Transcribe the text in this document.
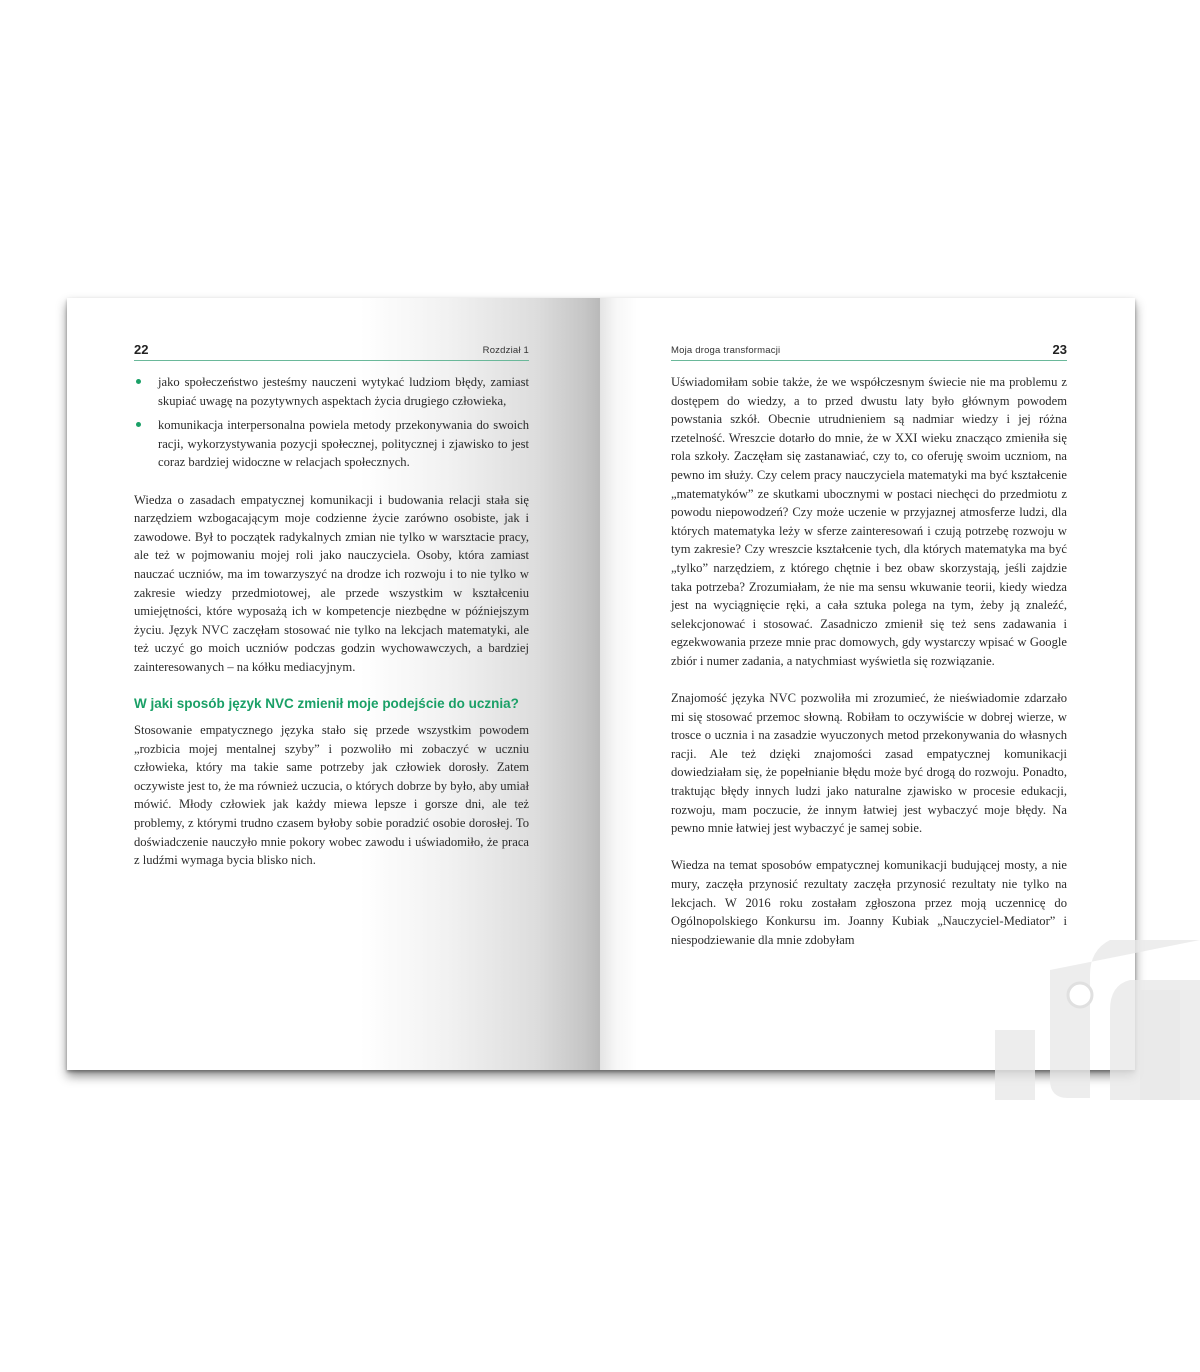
22	Rozdział 1
jako społeczeństwo jesteśmy nauczeni wytykać ludziom błędy, zamiast skupiać uwagę na pozytywnych aspektach życia drugiego człowieka,
komunikacja interpersonalna powiela metody przekonywania do swoich racji, wykorzystywania pozycji społecznej, politycznej i zjawisko to jest coraz bardziej widoczne w relacjach społecznych.

Wiedza o zasadach empatycznej komunikacji i budowania relacji stała się narzędziem wzbogacającym moje codzienne życie zarówno osobiste, jak i zawodowe. Był to początek radykalnych zmian nie tylko w warsztacie pracy, ale też w pojmowaniu mojej roli jako nauczyciela. Osoby, która zamiast nauczać uczniów, ma im towarzyszyć na drodze ich rozwoju i to nie tylko w zakresie wiedzy przedmiotowej, ale przede wszystkim w kształceniu umiejętności, które wyposażą ich w kompetencje niezbędne w późniejszym życiu. Język NVC zaczęłam stosować nie tylko na lekcjach matematyki, ale też uczyć go moich uczniów podczas godzin wychowawczych, a bardziej zainteresowanych – na kółku mediacyjnym.

W jaki sposób język NVC zmienił moje podejście do ucznia?

Stosowanie empatycznego języka stało się przede wszystkim powodem „rozbicia mojej mentalnej szyby” i pozwoliło mi zobaczyć w uczniu człowieka, który ma takie same potrzeby jak człowiek dorosły. Zatem oczywiste jest to, że ma również uczucia, o których dobrze by było, aby umiał mówić. Młody człowiek jak każdy miewa lepsze i gorsze dni, ale też problemy, z którymi trudno czasem byłoby sobie poradzić osobie dorosłej. To doświadczenie nauczyło mnie pokory wobec zawodu i uświadomiło, że praca z ludźmi wymaga bycia blisko nich.

Moja droga transformacji	23

Uświadomiłam sobie także, że we współczesnym świecie nie ma problemu z dostępem do wiedzy, a to przed dwustu laty było głównym powodem powstania szkół. Obecnie utrudnieniem są nadmiar wiedzy i jej różna rzetelność. Wreszcie dotarło do mnie, że w XXI wieku znacząco zmieniła się rola szkoły. Zaczęłam się zastanawiać, czy to, co oferuję swoim uczniom, na pewno im służy. Czy celem pracy nauczyciela matematyki ma być kształcenie „matematyków” ze skutkami ubocznymi w postaci niechęci do przedmiotu z powodu niepowodzeń? Czy może uczenie w przyjaznej atmosferze ludzi, dla których matematyka leży w sferze zainteresowań i czują potrzebę rozwoju w tym zakresie? Czy wreszcie kształcenie tych, dla których matematyka ma być „tylko” narzędziem, z którego chętnie i bez obaw skorzystają, jeśli zajdzie taka potrzeba? Zrozumiałam, że nie ma sensu wkuwanie teorii, kiedy wiedza jest na wyciągnięcie ręki, a cała sztuka polega na tym, żeby ją znaleźć, selekcjonować i stosować. Zasadniczo zmienił się też sens zadawania i egzekwowania przeze mnie prac domowych, gdy wystarczy wpisać w Google zbiór i numer zadania, a natychmiast wyświetla się rozwiązanie.

Znajomość języka NVC pozwoliła mi zrozumieć, że nieświadomie zdarzało mi się stosować przemoc słowną. Robiłam to oczywiście w dobrej wierze, w trosce o ucznia i na zasadzie wyuczonych metod przekonywania do własnych racji. Ale też dzięki znajomości zasad empatycznej komunikacji dowiedziałam się, że popełnianie błędu może być drogą do rozwoju. Ponadto, traktując błędy innych ludzi jako naturalne zjawisko w procesie edukacji, rozwoju, mam poczucie, że innym łatwiej jest wybaczyć moje błędy. Na pewno mnie łatwiej jest wybaczyć je samej sobie.

Wiedza na temat sposobów empatycznej komunikacji budującej mosty, a nie mury, zaczęła przynosić rezultaty zaczęła przynosić rezultaty nie tylko na lekcjach. W 2016 roku zostałam zgłoszona przez moją uczennicę do Ogólnopolskiego Konkursu im. Joanny Kubiak „Nauczyciel-Mediator” i niespodziewanie dla mnie zdobyłam
